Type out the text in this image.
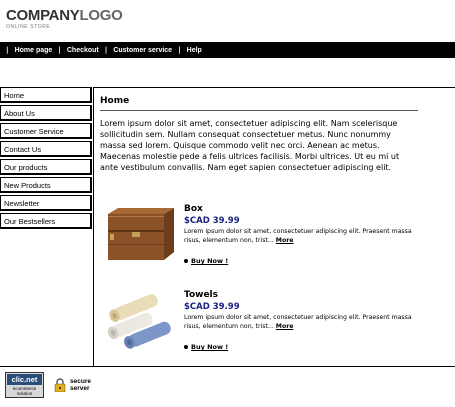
COMPANYLOGO
ONLINE STORE
| Home page | Checkout | Customer service | Help
Home
About Us
Customer Service
Contact Us
Our products
New Products
Newsletter
Our Bestsellers
Home

Lorem ipsum dolor sit amet, consectetuer adipiscing elit. Nam scelerisque sollicitudin sem. Nullam consequat consectetuer metus. Nunc nonummy massa sed lorem. Quisque commodo velit nec orci. Aenean ac metus. Maecenas molestie pede a felis ultrices facilisis. Morbi ultrices. Ut eu mi ut ante vestibulum convallis. Nam eget sapien consectetuer adipiscing elit.

Box
$CAD 39.99
Lorem ipsum dolor sit amet, consectetuer adipiscing elit. Praesent massa risus, elementum non, trist... More
Buy Now !
Towels
$CAD 39.99
Lorem ipsum dolor sit amet, consectetuer adipiscing elit. Praesent massa risus, elementum non, trist... More
Buy Now !
clic.net
ecommerce
solution
secure
server
